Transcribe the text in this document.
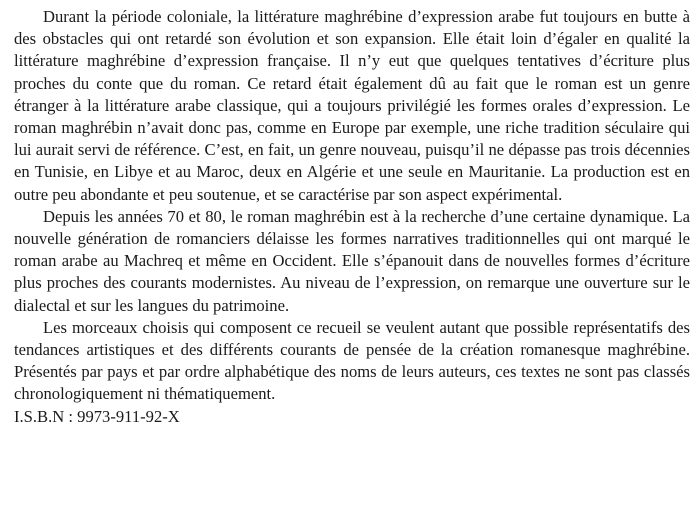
Durant la période coloniale, la littérature maghrébine d’expression arabe fut toujours en butte à des obstacles qui ont retardé son évolution et son expansion. Elle était loin d’égaler en qualité la littérature maghrébine d’expression française. Il n’y eut que quelques tentatives d’écriture plus proches du conte que du roman. Ce retard était également dû au fait que le roman est un genre étranger à la littérature arabe classique, qui a toujours privilégié les formes orales d’expression. Le roman maghrébin n’avait donc pas, comme en Europe par exemple, une riche tradition séculaire qui lui aurait servi de référence. C’est, en fait, un genre nouveau, puisqu’il ne dépasse pas trois décennies en Tunisie, en Libye et au Maroc, deux en Algérie et une seule en Mauritanie. La production est en outre peu abondante et peu soutenue, et se caractérise par son aspect expérimental.

Depuis les années 70 et 80, le roman maghrébin est à la recherche d’une certaine dynamique. La nouvelle génération de romanciers délaisse les formes narratives traditionnelles qui ont marqué le roman arabe au Machreq et même en Occident. Elle s’épanouit dans de nouvelles formes d’écriture plus proches des courants modernistes. Au niveau de l’expression, on remarque une ouverture sur le dialectal et sur les langues du patrimoine.

Les morceaux choisis qui composent ce recueil se veulent autant que possible représentatifs des tendances artistiques et des différents courants de pensée de la création romanesque maghrébine. Présentés par pays et par ordre alphabétique des noms de leurs auteurs, ces textes ne sont pas classés chronologiquement ni thématiquement.

I.S.B.N : 9973-911-92-X
